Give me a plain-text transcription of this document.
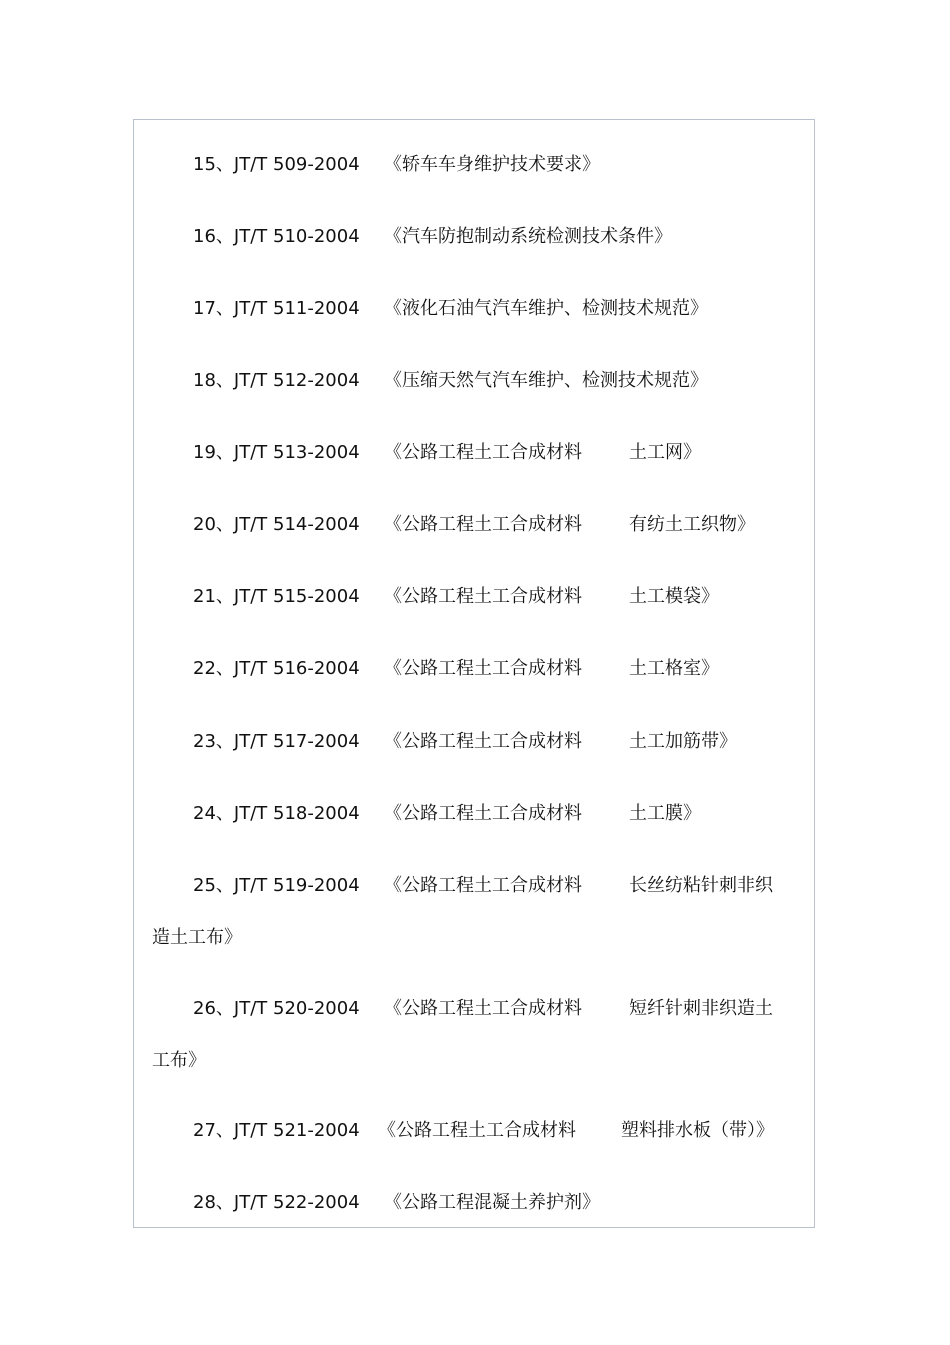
15、JT/T 509-2004 《轿车车身维护技术要求》
16、JT/T 510-2004 《汽车防抱制动系统检测技术条件》
17、JT/T 511-2004 《液化石油气汽车维护、检测技术规范》
18、JT/T 512-2004 《压缩天然气汽车维护、检测技术规范》
19、JT/T 513-2004 《公路工程土工合成材料	土工网》
20、JT/T 514-2004 《公路工程土工合成材料	有纺土工织物》
21、JT/T 515-2004 《公路工程土工合成材料	土工模袋》
22、JT/T 516-2004 《公路工程土工合成材料	土工格室》
23、JT/T 517-2004 《公路工程土工合成材料	土工加筋带》
24、JT/T 518-2004 《公路工程土工合成材料	土工膜》
25、JT/T 519-2004 《公路工程土工合成材料	长丝纺粘针刺非织
造土工布》
26、JT/T 520-2004 《公路工程土工合成材料	短纤针刺非织造土
工布》
27、JT/T 521-2004 《公路工程土工合成材料	塑料排水板（带）》
28、JT/T 522-2004 《公路工程混凝土养护剂》
